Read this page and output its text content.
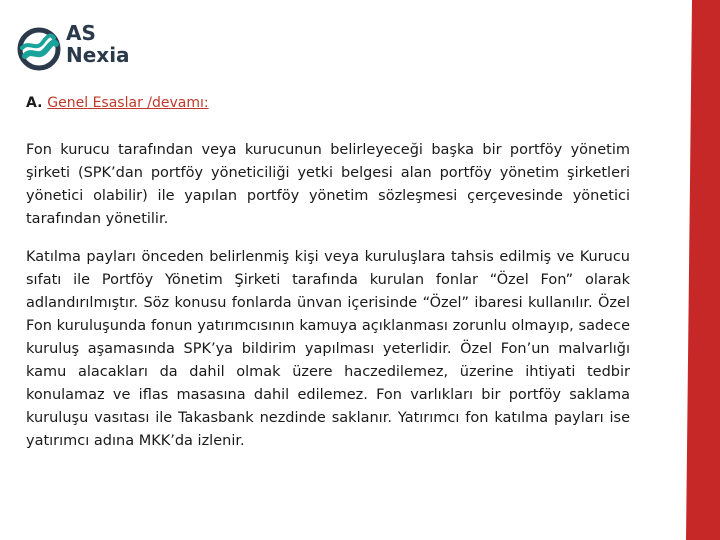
AS
Nexia
A. Genel Esaslar /devamı:
Fon kurucu tarafından veya kurucunun belirleyeceği başka bir portföy yönetim şirketi (SPK’dan portföy yöneticiliği yetki belgesi alan portföy yönetim şirketleri yönetici olabilir) ile yapılan portföy yönetim sözleşmesi çerçevesinde yönetici tarafından yönetilir.
Katılma payları önceden belirlenmiş kişi veya kuruluşlara tahsis edilmiş ve Kurucu sıfatı ile Portföy Yönetim Şirketi tarafında kurulan fonlar “Özel Fon” olarak adlandırılmıştır. Söz konusu fonlarda ünvan içerisinde “Özel” ibaresi kullanılır. Özel Fon kuruluşunda fonun yatırımcısının kamuya açıklanması zorunlu olmayıp, sadece kuruluş aşamasında SPK’ya bildirim yapılması yeterlidir. Özel Fon’un malvarlığı kamu alacakları da dahil olmak üzere haczedilemez, üzerine ihtiyati tedbir konulamaz ve iflas masasına dahil edilemez. Fon varlıkları bir portföy saklama kuruluşu vasıtası ile Takasbank nezdinde saklanır. Yatırımcı fon katılma payları ise yatırımcı adına MKK’da izlenir.
